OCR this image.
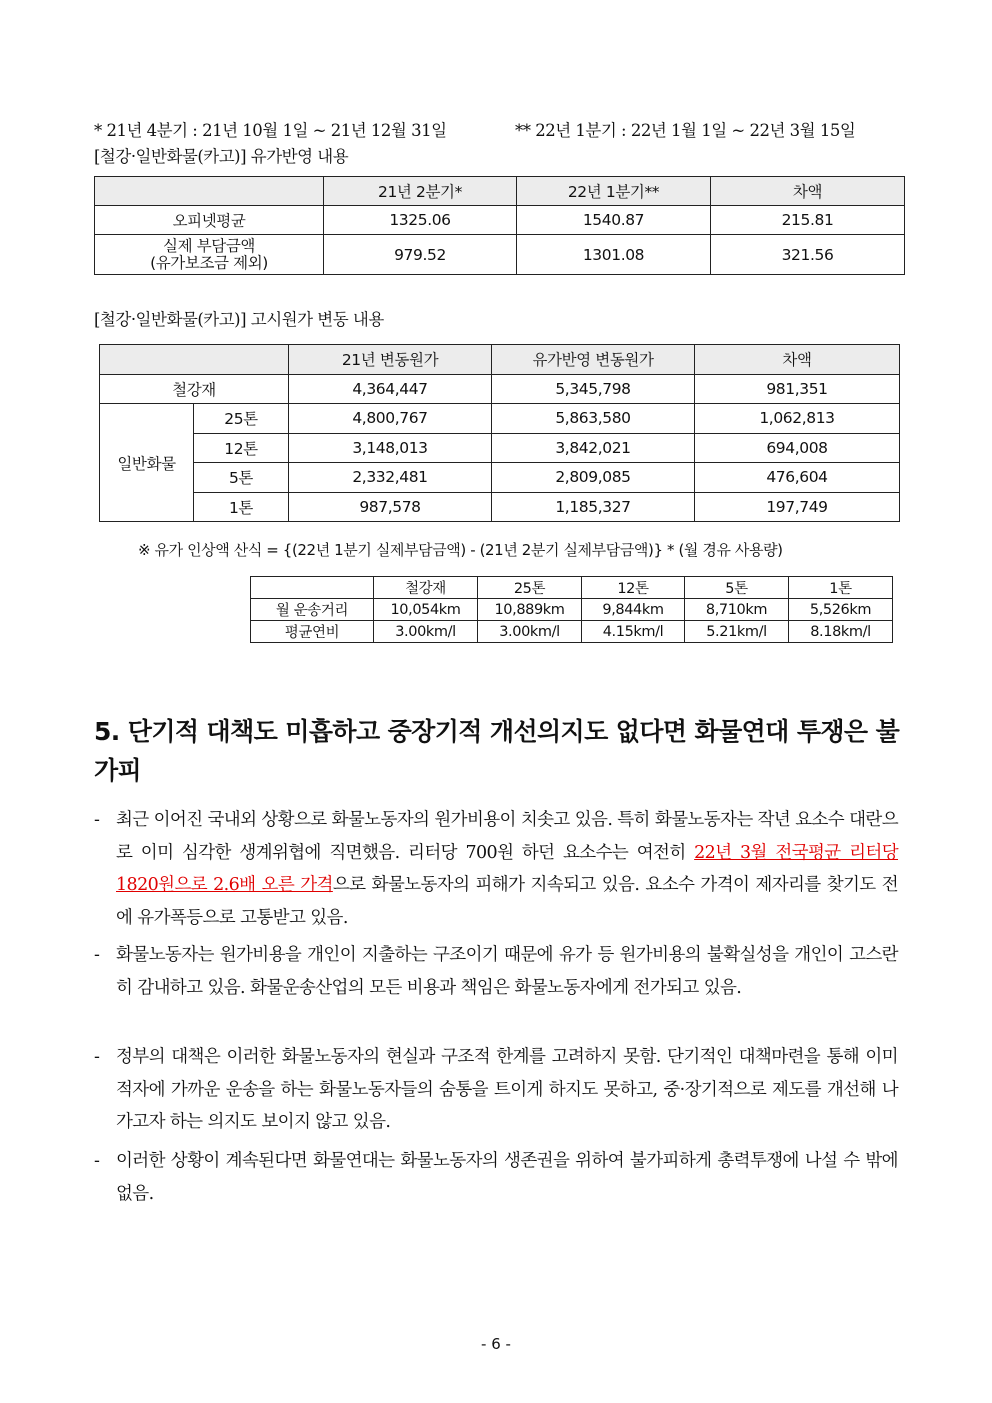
* 21년 4분기 : 21년 10월 1일 ~ 21년 12월 31일	** 22년 1분기 : 22년 1월 1일 ~ 22년 3월 15일
[철강·일반화물(카고)] 유가반영 내용
	21년 2분기*	22년 1분기**	차액
오피넷평균	1325.06	1540.87	215.81

실제 부담금액
(유가보조금 제외)	979.52	1301.08	321.56
[철강·일반화물(카고)] 고시원가 변동 내용
		21년 변동원가	유가반영 변동원가	차액
철강재		4,364,447	5,345,798	981,351
일반화물	25톤	4,800,767	5,863,580	1,062,813
	12톤	3,148,013	3,842,021	694,008
	5톤	2,332,481	2,809,085	476,604
	1톤	987,578	1,185,327	197,749
※ 유가 인상액 산식 = {(22년 1분기 실제부담금액) - (21년 2분기 실제부담금액)} * (월 경유 사용량)
	철강재	25톤	12톤	5톤	1톤
월 운송거리	10,054km	10,889km	9,844km	8,710km	5,526km
평균연비	3.00km/l	3.00km/l	4.15km/l	5.21km/l	8.18km/l
5. 단기적 대책도 미흡하고 중장기적 개선의지도 없다면 화물연대 투쟁은 불가피
- 최근 이어진 국내외 상황으로 화물노동자의 원가비용이 치솟고 있음. 특히 화물노동자는 작년 요소수 대란으로 이미 심각한 생계위협에 직면했음. 리터당 700원 하던 요소수는 여전히 22년 3월 전국평균 리터당 1820원으로 2.6배 오른 가격으로 화물노동자의 피해가 지속되고 있음. 요소수 가격이 제자리를 찾기도 전에 유가폭등으로 고통받고 있음.
- 화물노동자는 원가비용을 개인이 지출하는 구조이기 때문에 유가 등 원가비용의 불확실성을 개인이 고스란히 감내하고 있음. 화물운송산업의 모든 비용과 책임은 화물노동자에게 전가되고 있음.
- 정부의 대책은 이러한 화물노동자의 현실과 구조적 한계를 고려하지 못함. 단기적인 대책마련을 통해 이미 적자에 가까운 운송을 하는 화물노동자들의 숨통을 트이게 하지도 못하고, 중·장기적으로 제도를 개선해 나가고자 하는 의지도 보이지 않고 있음.
- 이러한 상황이 계속된다면 화물연대는 화물노동자의 생존권을 위하여 불가피하게 총력투쟁에 나설 수 밖에 없음.
- 6 -
